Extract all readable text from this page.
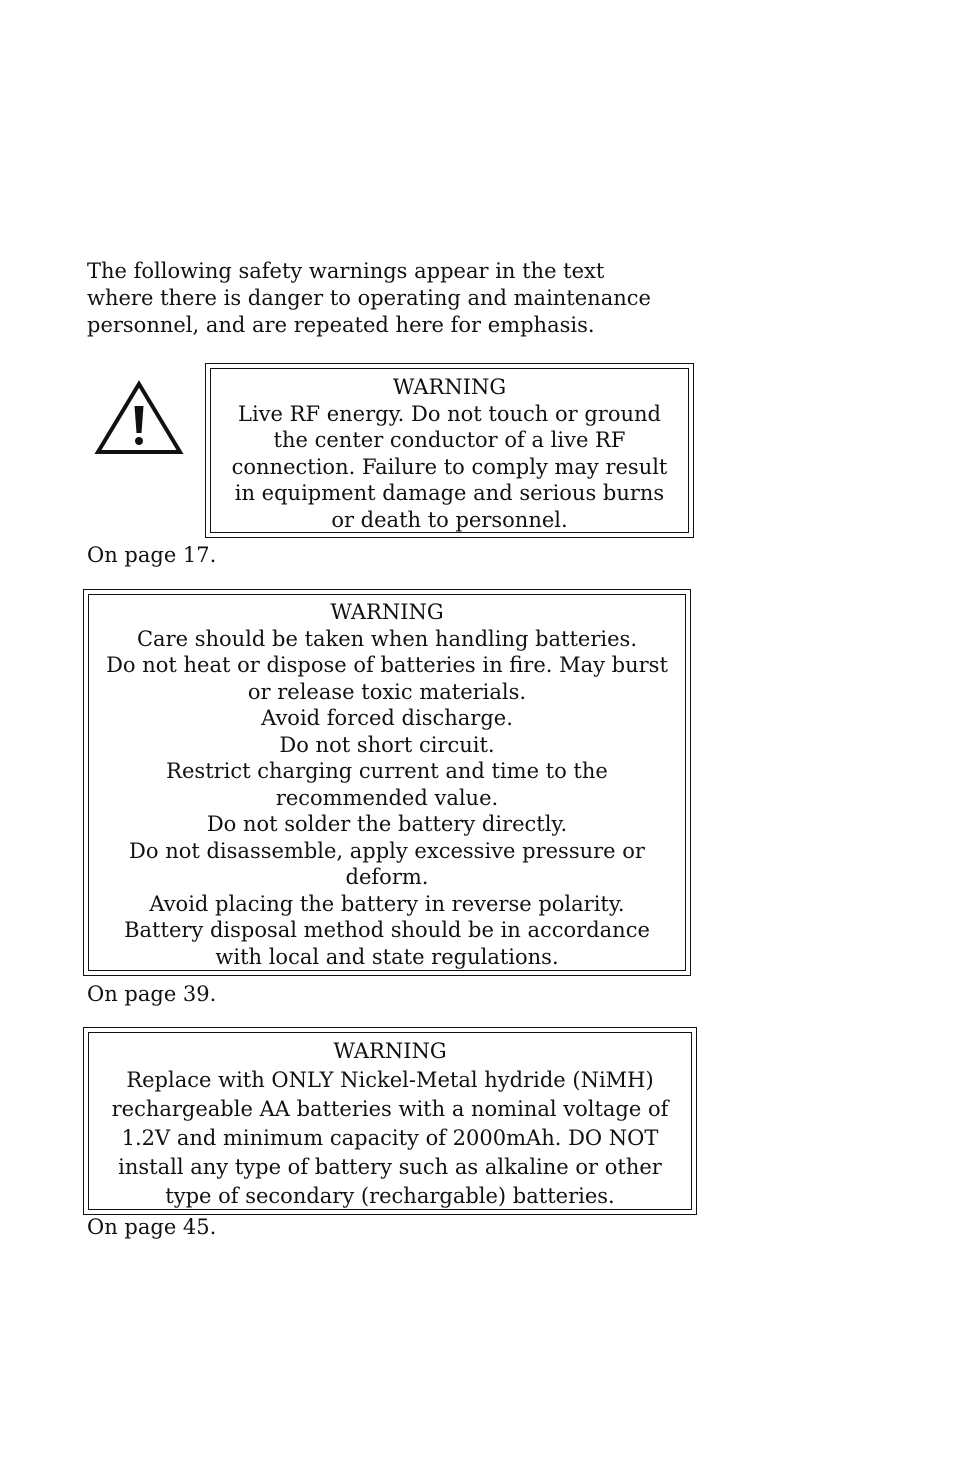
The following safety warnings appear in the text
where there is danger to operating and maintenance
personnel, and are repeated here for emphasis.

WARNING
Live RF energy. Do not touch or ground
the center conductor of a live RF
connection. Failure to comply may result
in equipment damage and serious burns
or death to personnel.

On page 17.

WARNING
Care should be taken when handling batteries.
Do not heat or dispose of batteries in fire. May burst
or release toxic materials.
Avoid forced discharge.
Do not short circuit.
Restrict charging current and time to the
recommended value.
Do not solder the battery directly.
Do not disassemble, apply excessive pressure or
deform.
Avoid placing the battery in reverse polarity.
Battery disposal method should be in accordance
with local and state regulations.

On page 39.

WARNING
Replace with ONLY Nickel-Metal hydride (NiMH)
rechargeable AA batteries with a nominal voltage of
1.2V and minimum capacity of 2000mAh. DO NOT
install any type of battery such as alkaline or other
type of secondary (rechargable) batteries.

On page 45.
